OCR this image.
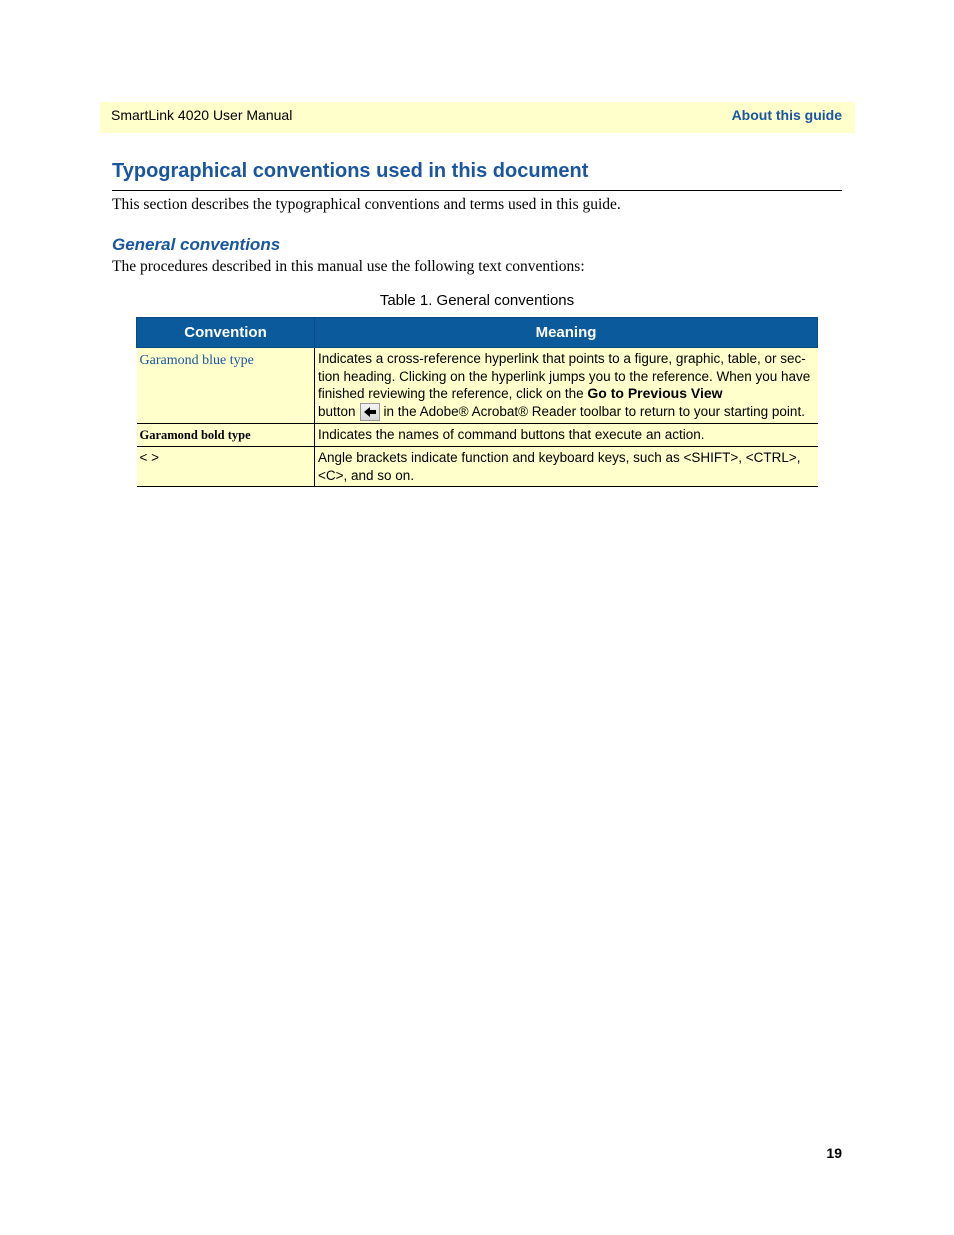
SmartLink 4020 User Manual	About this guide
Typographical conventions used in this document
This section describes the typographical conventions and terms used in this guide.
General conventions
The procedures described in this manual use the following text conventions:
Table 1. General conventions
Convention	Meaning
Garamond blue type	Indicates a cross-reference hyperlink that points to a figure, graphic, table, or sec-tion heading. Clicking on the hyperlink jumps you to the reference. When you have finished reviewing the reference, click on the Go to Previous View
button in the Adobe® Acrobat® Reader toolbar to return to your starting point.
Garamond bold type	Indicates the names of command buttons that execute an action.
< >	Angle brackets indicate function and keyboard keys, such as <SHIFT>, <CTRL>, <C>, and so on.
19
